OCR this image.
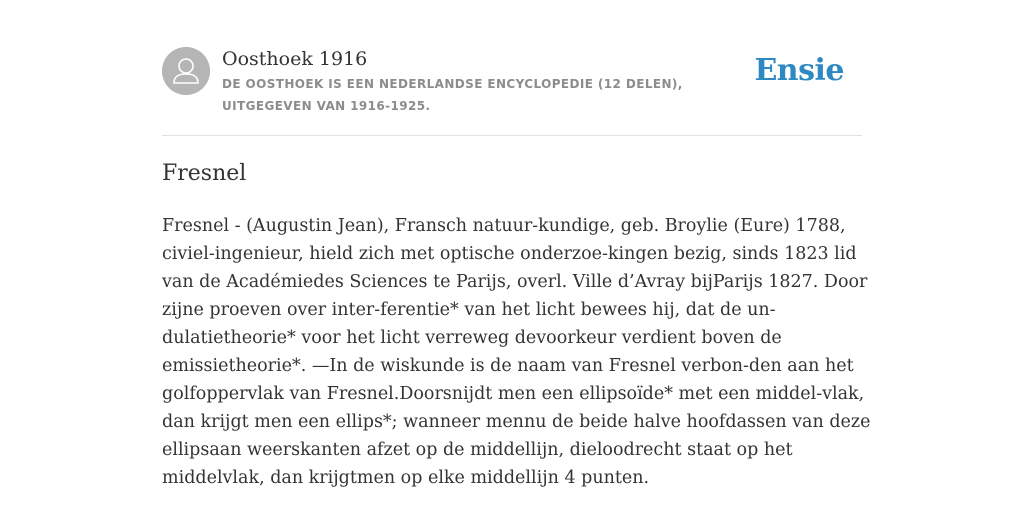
Oosthoek 1916
DE OOSTHOEK IS EEN NEDERLANDSE ENCYCLOPEDIE (12 DELEN), UITGEGEVEN VAN 1916-1925.
Ensie
Fresnel
Fresnel - (Augustin Jean), Fransch natuur-kundige, geb. Broylie (Eure) 1788,
civiel-ingenieur, hield zich met optische onderzoe-kingen bezig, sinds 1823 lid
van de Académiedes Sciences te Parijs, overl. Ville d’Avray bijParijs 1827. Door
zijne proeven over inter-ferentie* van het licht bewees hij, dat de un-
dulatietheorie* voor het licht verreweg devoorkeur verdient boven de
emissietheorie*. —In de wiskunde is de naam van Fresnel verbon-den aan het
golfoppervlak van Fresnel.Doorsnijdt men een ellipsoïde* met een middel-vlak,
dan krijgt men een ellips*; wanneer mennu de beide halve hoofdassen van deze
ellipsaan weerskanten afzet op de middellijn, dieloodrecht staat op het
middelvlak, dan krijgtmen op elke middellijn 4 punten.
